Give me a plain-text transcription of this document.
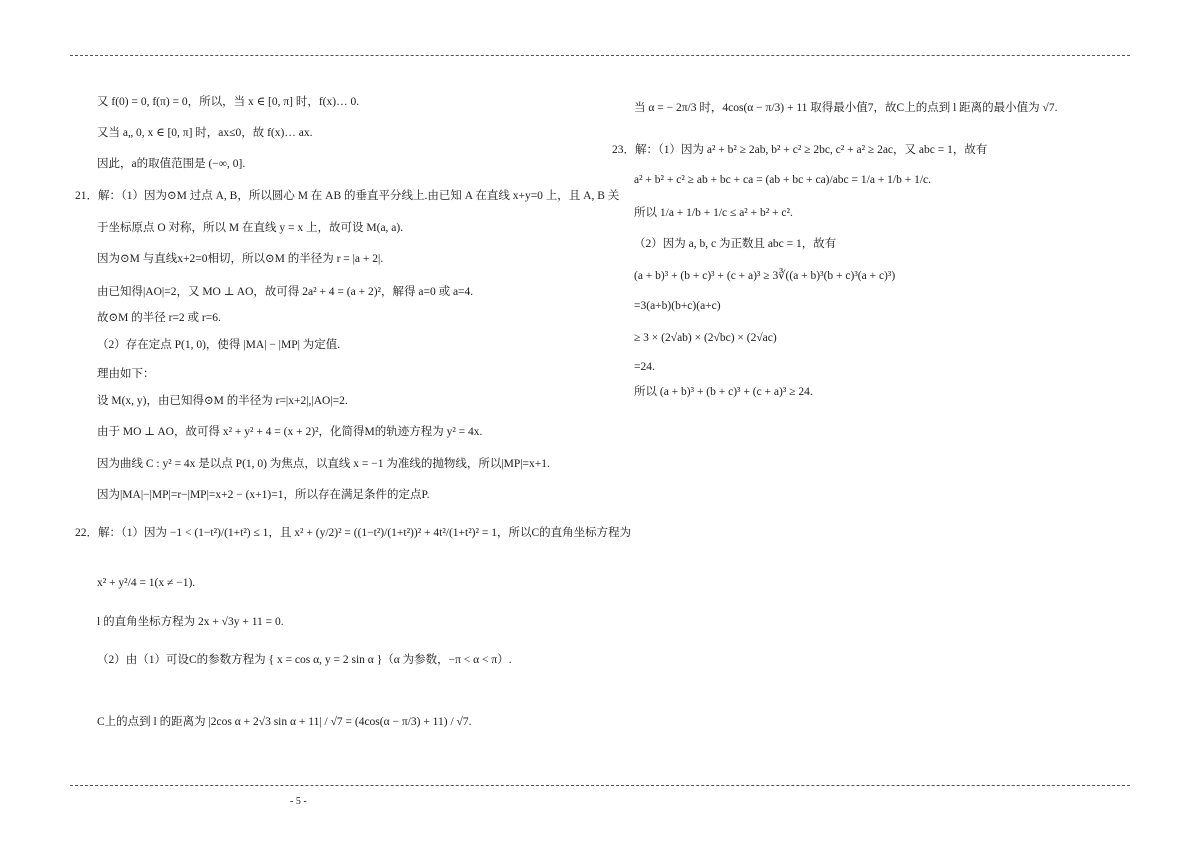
又 f(0) = 0, f(π) = 0，所以，当 x ∈ [0, π] 时，f(x)… 0.
又当 a„ 0, x ∈ [0, π] 时，ax≤0，故 f(x)… ax.
因此，a的取值范围是 (−∞, 0].
21．解：（1）因为⊙M 过点 A, B，所以圆心 M 在 AB 的垂直平分线上.由已知 A 在直线 x+y=0 上，且 A, B 关
于坐标原点 O 对称，所以 M 在直线 y = x 上，故可设 M(a, a).
因为⊙M 与直线x+2=0相切，所以⊙M 的半径为 r = |a + 2|.
由已知得|AO|=2，又 MO ⊥ AO，故可得 2a² + 4 = (a + 2)²，解得 a=0 或 a=4.
故⊙M 的半径 r=2 或 r=6.
（2）存在定点 P(1, 0)，使得 |MA| − |MP| 为定值.
理由如下：
设 M(x, y)，由已知得⊙M 的半径为 r=|x+2|,|AO|=2.
由于 MO ⊥ AO，故可得 x² + y² + 4 = (x + 2)²，化简得M的轨迹方程为 y² = 4x.
因为曲线 C : y² = 4x 是以点 P(1, 0) 为焦点，以直线 x = −1 为准线的抛物线，所以|MP|=x+1.
因为|MA|−|MP|=r−|MP|=x+2 − (x+1)=1，所以存在满足条件的定点P.
22．解：（1）因为 −1 < (1−t²)/(1+t²) ≤ 1，且 x² + (y/2)² = ((1−t²)/(1+t²))² + 4t²/(1+t²)² = 1，所以C的直角坐标方程为
x² + y²/4 = 1(x ≠ −1).
l 的直角坐标方程为 2x + √3y + 11 = 0.
（2）由（1）可设C的参数方程为 { x = cos α, y = 2 sin α }（α 为参数，−π < α < π）.
C上的点到 l 的距离为 |2cos α + 2√3 sin α + 11| / √7 = (4cos(α − π/3) + 11) / √7.
当 α = − 2π/3 时，4cos(α − π/3) + 11 取得最小值7，故C上的点到 l 距离的最小值为 √7.
23．解：（1）因为 a² + b² ≥ 2ab, b² + c² ≥ 2bc, c² + a² ≥ 2ac，又 abc = 1，故有
a² + b² + c² ≥ ab + bc + ca = (ab + bc + ca)/abc = 1/a + 1/b + 1/c.
所以 1/a + 1/b + 1/c ≤ a² + b² + c².
（2）因为 a, b, c 为正数且 abc = 1，故有
(a + b)³ + (b + c)³ + (c + a)³ ≥ 3∛((a + b)³(b + c)³(a + c)³)
=3(a+b)(b+c)(a+c)
≥ 3 × (2√ab) × (2√bc) × (2√ac)
=24.
所以 (a + b)³ + (b + c)³ + (c + a)³ ≥ 24.
- 5 -
